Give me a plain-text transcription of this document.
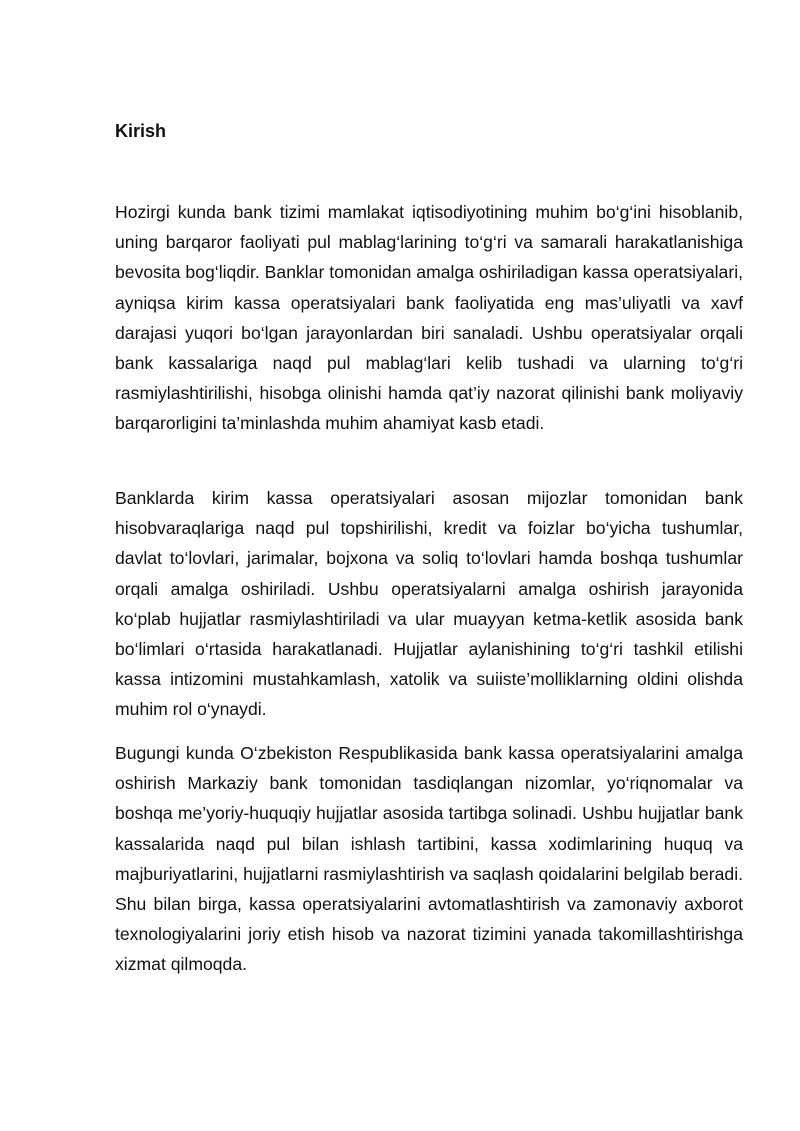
Kirish

Hozirgi kunda bank tizimi mamlakat iqtisodiyotining muhim bo‘g‘ini hisoblanib, uning barqaror faoliyati pul mablag‘larining to‘g‘ri va samarali harakatlanishiga bevosita bog‘liqdir. Banklar tomonidan amalga oshiriladigan kassa operatsiyalari, ayniqsa kirim kassa operatsiyalari bank faoliyatida eng mas’uliyatli va xavf darajasi yuqori bo‘lgan jarayonlardan biri sanaladi. Ushbu operatsiyalar orqali bank kassalariga naqd pul mablag‘lari kelib tushadi va ularning to‘g‘ri rasmiylashtirilishi, hisobga olinishi hamda qat’iy nazorat qilinishi bank moliyaviy barqarorligini ta’minlashda muhim ahamiyat kasb etadi.

Banklarda kirim kassa operatsiyalari asosan mijozlar tomonidan bank hisobvaraqlariga naqd pul topshirilishi, kredit va foizlar bo‘yicha tushumlar, davlat to‘lovlari, jarimalar, bojxona va soliq to‘lovlari hamda boshqa tushumlar orqali amalga oshiriladi. Ushbu operatsiyalarni amalga oshirish jarayonida ko‘plab hujjatlar rasmiylashtiriladi va ular muayyan ketma-ketlik asosida bank bo‘limlari o‘rtasida harakatlanadi. Hujjatlar aylanishining to‘g‘ri tashkil etilishi kassa intizomini mustahkamlash, xatolik va suiiste’molliklarning oldini olishda muhim rol o‘ynaydi.

Bugungi kunda O‘zbekiston Respublikasida bank kassa operatsiyalarini amalga oshirish Markaziy bank tomonidan tasdiqlangan nizomlar, yo‘riqnomalar va boshqa me’yoriy-huquqiy hujjatlar asosida tartibga solinadi. Ushbu hujjatlar bank kassalarida naqd pul bilan ishlash tartibini, kassa xodimlarining huquq va majburiyatlarini, hujjatlarni rasmiylashtirish va saqlash qoidalarini belgilab beradi. Shu bilan birga, kassa operatsiyalarini avtomatlashtirish va zamonaviy axborot texnologiyalarini joriy etish hisob va nazorat tizimini yanada takomillashtirishga xizmat qilmoqda.
